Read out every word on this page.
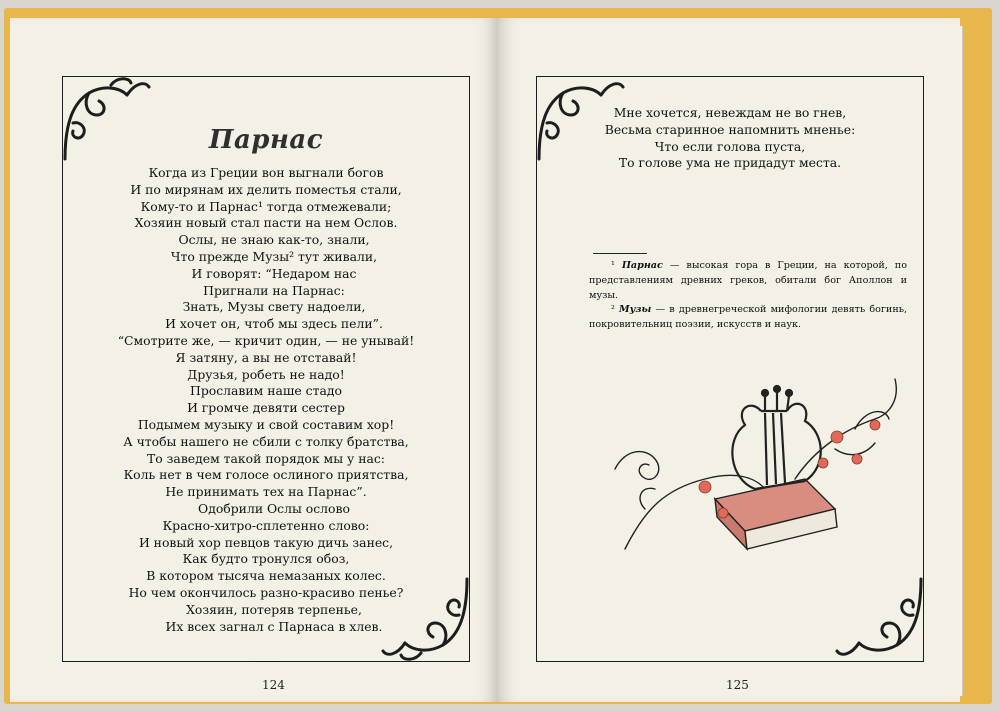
Парнас
Когда из Греции вон выгнали богов
И по мирянам их делить поместья стали,
Кому-то и Парнас¹ тогда отмежевали;
Хозяин новый стал пасти на нем Ослов.
Ослы, не знаю как-то, знали,
Что прежде Музы² тут живали,
И говорят: “Недаром нас
Пригнали на Парнас:
Знать, Музы свету надоели,
И хочет он, чтоб мы здесь пели”.
“Смотрите же, — кричит один, — не унывай!
Я затяну, а вы не отставай!
Друзья, робеть не надо!
Прославим наше стадо
И громче девяти сестер
Подымем музыку и свой составим хор!
А чтобы нашего не сбили с толку братства,
То заведем такой порядок мы у нас:
Коль нет в чем голосе ослиного приятства,
Не принимать тех на Парнас”.
Одобрили Ослы ослово
Красно-хитро-сплетенно слово:
И новый хор певцов такую дичь занес,
Как будто тронулся обоз,
В котором тысяча немазаных колес.
Но чем окончилось разно-красиво пенье?
Хозяин, потеряв терпенье,
Их всех загнал с Парнаса в хлев.
——
124
Мне хочется, невеждам не во гнев,
Весьма старинное напомнить мненье:
Что если голова пуста,
То голове ума не придадут места.

¹ Парнас — высокая гора в Греции, на которой, по представлениям древних греков, обитали бог Аполлон и музы.

² Музы — в древнегреческой мифологии девять богинь, покровительниц поэзии, искусств и наук.

125
